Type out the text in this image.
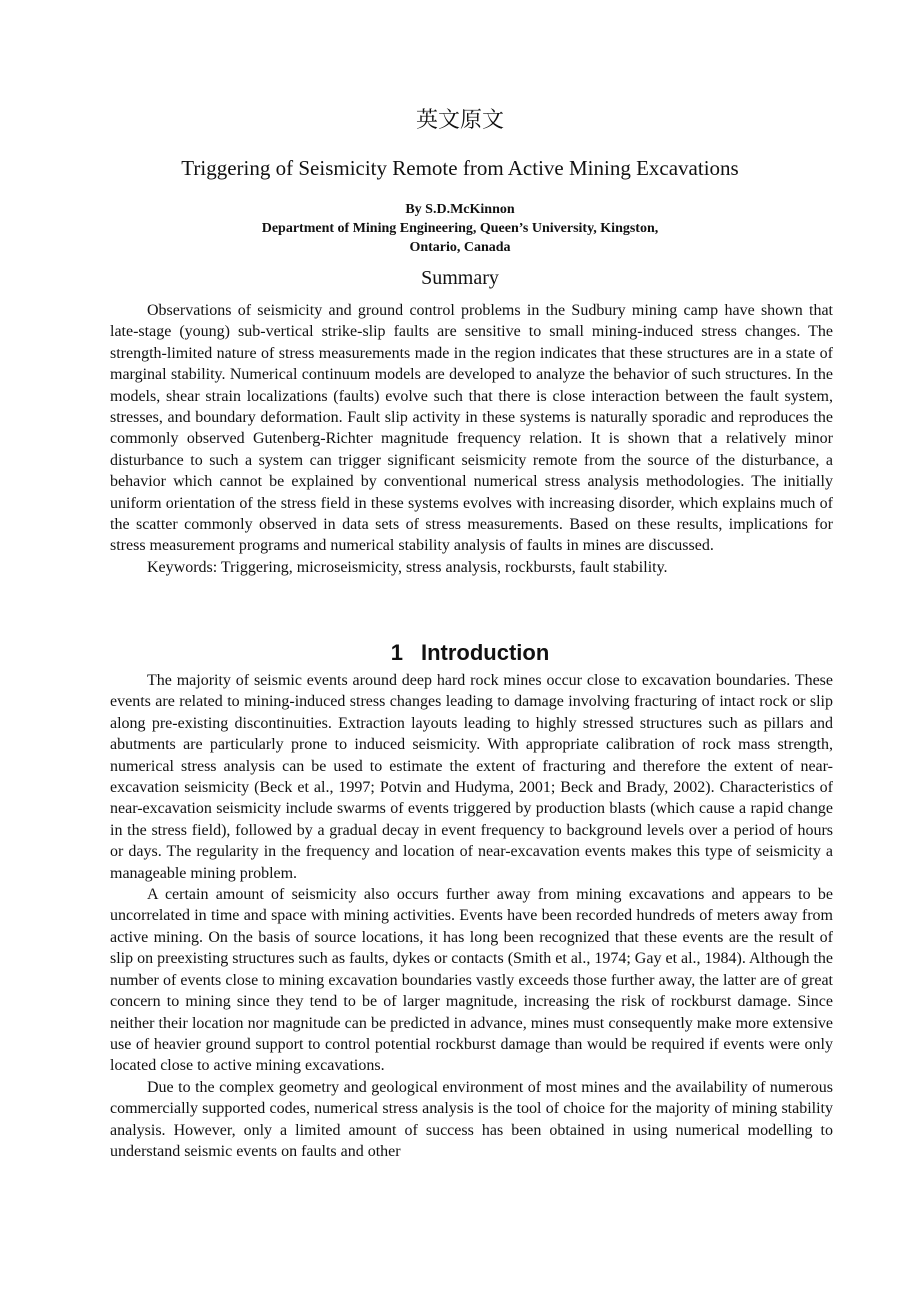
英文原文
Triggering of Seismicity Remote from Active Mining Excavations
By S.D.McKinnon
Department of Mining Engineering, Queen’s University, Kingston,
Ontario, Canada
Summary

Observations of seismicity and ground control problems in the Sudbury mining camp have shown that late-stage (young) sub-vertical strike-slip faults are sensitive to small mining-induced stress changes. The strength-limited nature of stress measurements made in the region indicates that these structures are in a state of marginal stability. Numerical continuum models are developed to analyze the behavior of such structures. In the models, shear strain localizations (faults) evolve such that there is close interaction between the fault system, stresses, and boundary deformation. Fault slip activity in these systems is naturally sporadic and reproduces the commonly observed Gutenberg-Richter magnitude frequency relation. It is shown that a relatively minor disturbance to such a system can trigger significant seismicity remote from the source of the disturbance, a behavior which cannot be explained by conventional numerical stress analysis methodologies. The initially uniform orientation of the stress field in these systems evolves with increasing disorder, which explains much of the scatter commonly observed in data sets of stress measurements. Based on these results, implications for stress measurement programs and numerical stability analysis of faults in mines are discussed.

Keywords: Triggering, microseismicity, stress analysis, rockbursts, fault stability.

1 Introduction

The majority of seismic events around deep hard rock mines occur close to excavation boundaries. These events are related to mining-induced stress changes leading to damage involving fracturing of intact rock or slip along pre-existing discontinuities. Extraction layouts leading to highly stressed structures such as pillars and abutments are particularly prone to induced seismicity. With appropriate calibration of rock mass strength, numerical stress analysis can be used to estimate the extent of fracturing and therefore the extent of near-excavation seismicity (Beck et al., 1997; Potvin and Hudyma, 2001; Beck and Brady, 2002). Characteristics of near-excavation seismicity include swarms of events triggered by production blasts (which cause a rapid change in the stress field), followed by a gradual decay in event frequency to background levels over a period of hours or days. The regularity in the frequency and location of near-excavation events makes this type of seismicity a manageable mining problem.

A certain amount of seismicity also occurs further away from mining excavations and appears to be uncorrelated in time and space with mining activities. Events have been recorded hundreds of meters away from active mining. On the basis of source locations, it has long been recognized that these events are the result of slip on preexisting structures such as faults, dykes or contacts (Smith et al., 1974; Gay et al., 1984). Although the number of events close to mining excavation boundaries vastly exceeds those further away, the latter are of great concern to mining since they tend to be of larger magnitude, increasing the risk of rockburst damage. Since neither their location nor magnitude can be predicted in advance, mines must consequently make more extensive use of heavier ground support to control potential rockburst damage than would be required if events were only located close to active mining excavations.

Due to the complex geometry and geological environment of most mines and the availability of numerous commercially supported codes, numerical stress analysis is the tool of choice for the majority of mining stability analysis. However, only a limited amount of success has been obtained in using numerical modelling to understand seismic events on faults and other
